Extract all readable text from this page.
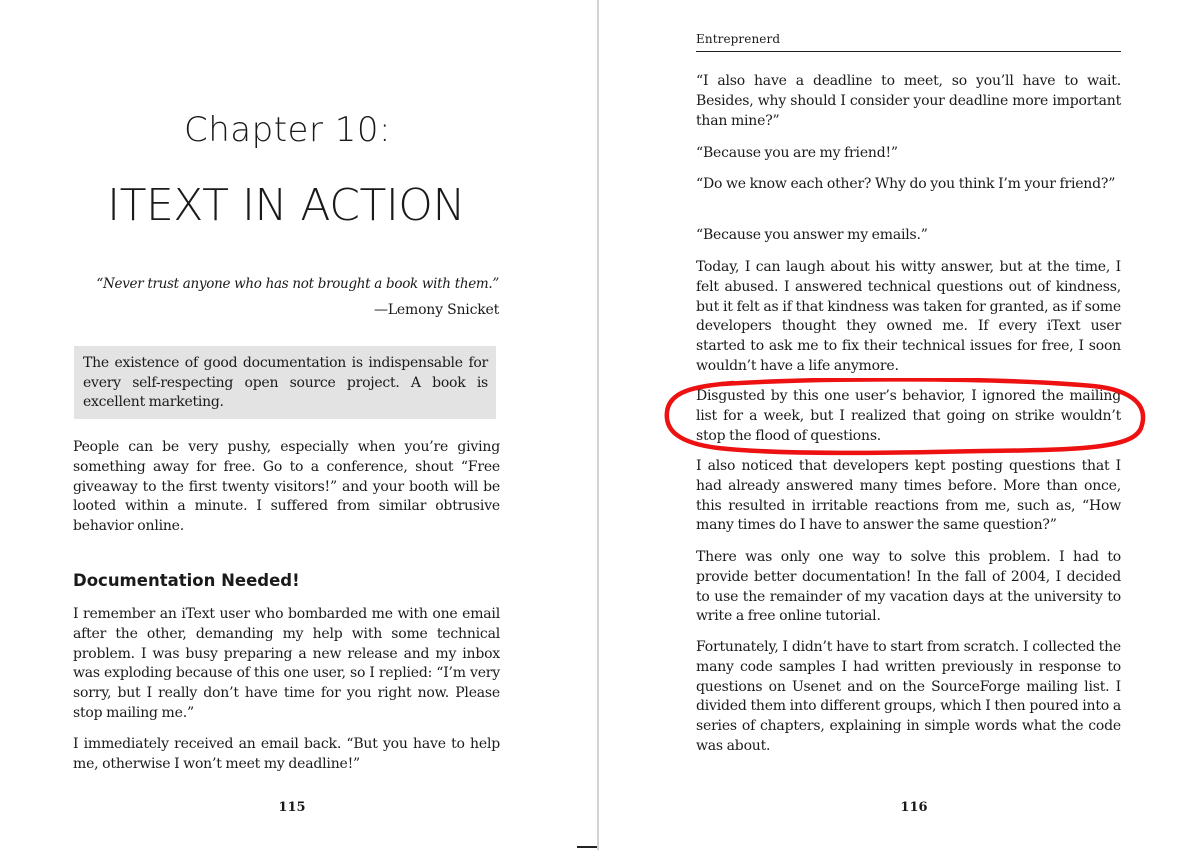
Chapter 10:
ITEXT IN ACTION
“Never trust anyone who has not brought a book with them.”
—Lemony Snicket

The existence of good documentation is indispensable for every self-respecting open source project. A book is excellent marketing.

People can be very pushy, especially when you’re giving something away for free. Go to a conference, shout “Free giveaway to the first twenty visitors!” and your booth will be looted within a minute. I suffered from similar obtrusive behavior online.

Documentation Needed!

I remember an iText user who bombarded me with one email after the other, demanding my help with some technical problem. I was busy preparing a new release and my inbox was exploding because of this one user, so I replied: “I’m very sorry, but I really don’t have time for you right now. Please stop mailing me.”

I immediately received an email back. “But you have to help me, otherwise I won’t meet my deadline!”

115
Entreprenerd

“I also have a deadline to meet, so you’ll have to wait. Besides, why should I consider your deadline more important than mine?”

“Because you are my friend!”

“Do we know each other? Why do you think I’m your friend?”

“Because you answer my emails.”

Today, I can laugh about his witty answer, but at the time, I felt abused. I answered technical questions out of kindness, but it felt as if that kindness was taken for granted, as if some developers thought they owned me. If every iText user started to ask me to fix their technical issues for free, I soon wouldn’t have a life anymore.

Disgusted by this one user’s behavior, I ignored the mailing list for a week, but I realized that going on strike wouldn’t stop the flood of questions.

I also noticed that developers kept posting questions that I had already answered many times before. More than once, this resulted in irritable reactions from me, such as, “How many times do I have to answer the same question?”

There was only one way to solve this problem. I had to provide better documentation! In the fall of 2004, I decided to use the remainder of my vacation days at the university to write a free online tutorial.

Fortunately, I didn’t have to start from scratch. I collected the many code samples I had written previously in response to questions on Usenet and on the SourceForge mailing list. I divided them into different groups, which I then poured into a series of chapters, explaining in simple words what the code was about.

116
